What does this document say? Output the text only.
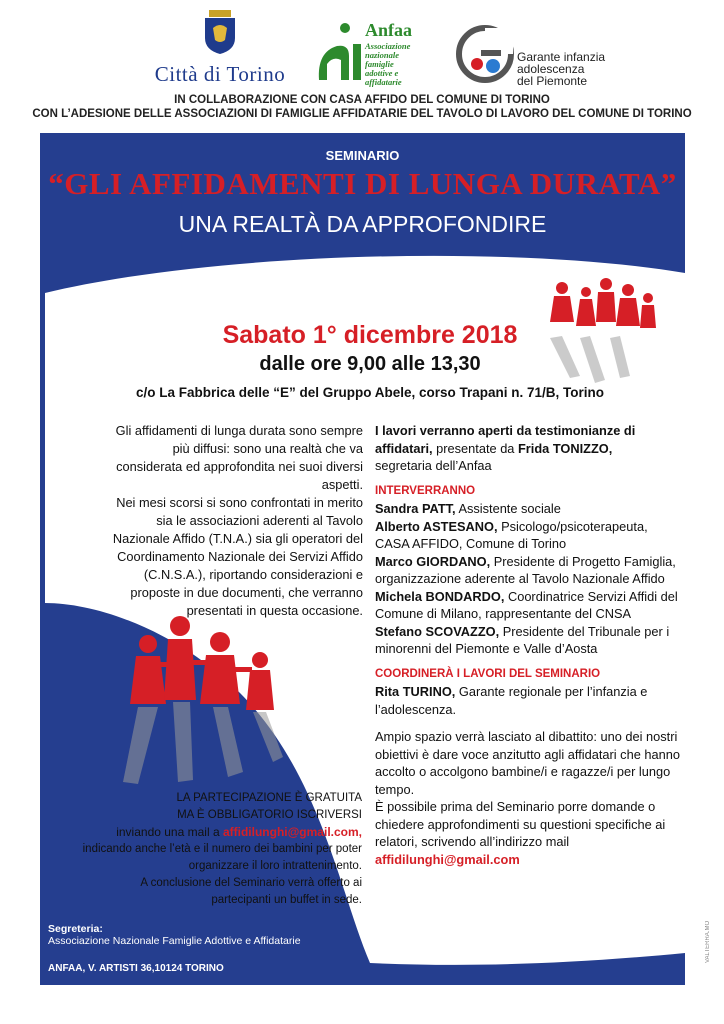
Città di Torino
Anfaa
Associazione
nazionale
famiglie
adottive e
affidatarie
Garante infanzia
adolescenza
del Piemonte
IN COLLABORAZIONE CON CASA AFFIDO DEL COMUNE DI TORINO
CON L’ADESIONE DELLE ASSOCIAZIONI DI FAMIGLIE AFFIDATARIE DEL TAVOLO DI LAVORO DEL COMUNE DI TORINO
SEMINARIO
“GLI AFFIDAMENTI DI LUNGA DURATA”
UNA REALTÀ DA APPROFONDIRE
Sabato 1° dicembre 2018
dalle ore 9,00 alle 13,30
c/o La Fabbrica delle “E” del Gruppo Abele, corso Trapani n. 71/B, Torino
Gli affidamenti di lunga durata sono sempre più diffusi: sono una realtà che va considerata ed approfondita nei suoi diversi aspetti.
Nei mesi scorsi si sono confrontati in merito sia le associazioni aderenti al Tavolo Nazionale Affido (T.N.A.) sia gli operatori del Coordinamento Nazionale dei Servizi Affido (C.N.S.A.), riportando considerazioni e proposte in due documenti, che verranno presentati in questa occasione.

I lavori verranno aperti da testimonianze di affidatari, presentate da Frida TONIZZO,
segretaria dell’Anfaa

INTERVERRANNO

Sandra PATT, Assistente sociale

Alberto ASTESANO, Psicologo/psicoterapeuta, CASA AFFIDO, Comune di Torino

Marco GIORDANO, Presidente di Progetto Famiglia, organizzazione aderente al Tavolo Nazionale Affido

Michela BONDARDO, Coordinatrice Servizi Affidi del Comune di Milano, rappresentante del CNSA

Stefano SCOVAZZO, Presidente del Tribunale per i minorenni del Piemonte e Valle d’Aosta

COORDINERÀ I LAVORI DEL SEMINARIO

Rita TURINO, Garante regionale per l’infanzia e l’adolescenza.

Ampio spazio verrà lasciato al dibattito: uno dei nostri obiettivi è dare voce anzitutto agli affidatari che hanno accolto o accolgono bambine/i e ragazze/i per lungo tempo.

È possibile prima del Seminario porre domande o chiedere approfondimenti su questioni specifiche ai relatori, scrivendo all’indirizzo mail affidilunghi@gmail.com

LA PARTECIPAZIONE È GRATUITA
MA È OBBLIGATORIO ISCRIVERSI
inviando una mail a affidilunghi@gmail.com,
indicando anche l’età e il numero dei bambini per poter organizzare il loro intrattenimento.
A conclusione del Seminario verrà offerto ai partecipanti un buffet in sede.
Segreteria:
Associazione Nazionale Famiglie Adottive e Affidatarie
ANFAA, V. ARTISTI 36,10124 TORINO
VALTERRA.MO
